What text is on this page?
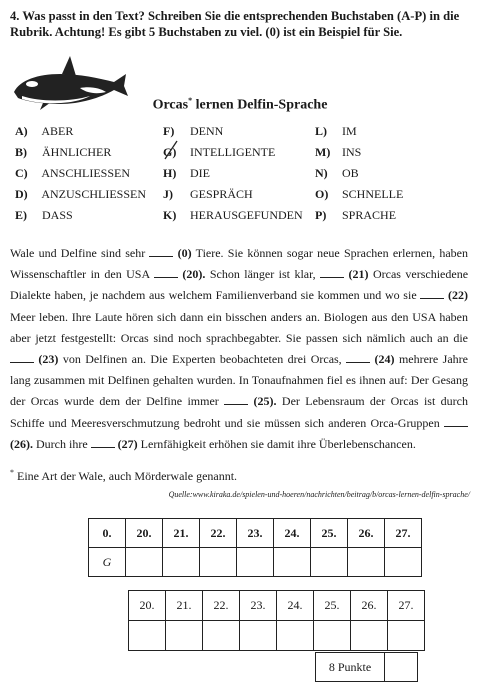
4. Was passt in den Text? Schreiben Sie die entsprechenden Buchstaben (A-P) in die Rubrik. Achtung! Es gibt 5 Buchstaben zu viel. (0) ist ein Beispiel für Sie.
Orcas* lernen Delfin-Sprache
A) ABER
B) ÄHNLICHER
C) ANSCHLIESSEN
D) ANZUSCHLIESSEN
E) DASS
F) DENN
G) INTELLIGENTE
H) DIE
J) GESPRÄCH
K) HERAUSGEFUNDEN
L) IM
M) INS
N) OB
O) SCHNELLE
P) SPRACHE
Wale und Delfine sind sehr  (0) Tiere. Sie können sogar neue Sprachen erlernen, haben Wissenschaftler in den USA  (20). Schon länger ist klar,  (21) Orcas verschiedene Dialekte haben, je nachdem aus welchem Familienverband sie kommen und wo sie  (22) Meer leben. Ihre Laute hören sich dann ein bisschen anders an. Biologen aus den USA haben aber jetzt festgestellt: Orcas sind noch sprachbegabter. Sie passen sich nämlich auch an die  (23) von Delfinen an. Die Experten beobachteten drei Orcas,  (24) mehrere Jahre lang zusammen mit Delfinen gehalten wurden. In Tonaufnahmen fiel es ihnen auf: Der Gesang der Orcas wurde dem der Delfine immer  (25). Der Lebensraum der Orcas ist durch Schiffe und Meeresverschmutzung bedroht und sie müssen sich anderen Orca-Gruppen  (26). Durch ihre  (27) Lernfähigkeit erhöhen sie damit ihre Überlebenschancen.
* Eine Art der Wale, auch Mörderwale genannt.
Quelle:www.kiraka.de/spielen-und-hoeren/nachrichten/beitrag/b/orcas-lernen-delfin-sprache/
0.	20.	21.	22.	23.	24.	25.	26.	27.
G								
20.	21.	22.	23.	24.	25.	26.	27.

8 Punkte	
